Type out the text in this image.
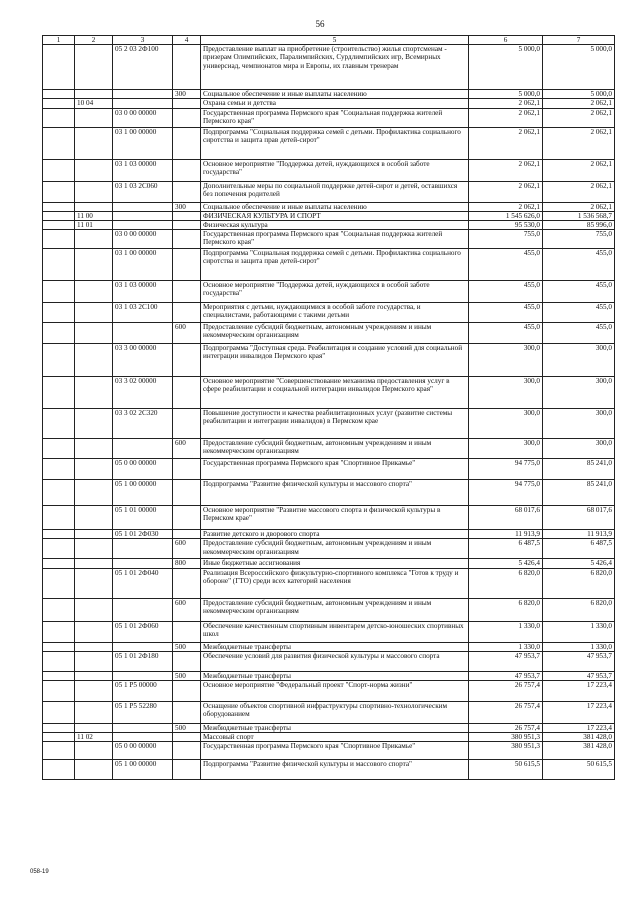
56
1	2	3	4	5	6	7
		05 2 03 2Ф100		Предоставление выплат на приобретение (строительство) жилья спортсменам - призерам Олимпийских, Паралимпийских, Сурдлимпийских игр, Всемирных универсиад, чемпионатов мира и Европы, их главным тренерам	5 000,0	5 000,0
			300	Социальное обеспечение и иные выплаты населению	5 000,0	5 000,0
	10 04			Охрана семьи и детства	2 062,1	2 062,1
		03 0 00 00000		Государственная программа Пермского края "Социальная поддержка жителей Пермского края"	2 062,1	2 062,1
		03 1 00 00000		Подпрограмма "Социальная поддержка семей с детьми. Профилактика социального сиротства и защита прав детей-сирот"	2 062,1	2 062,1
		03 1 03 00000		Основное мероприятие "Поддержка детей, нуждающихся в особой заботе государства"	2 062,1	2 062,1
		03 1 03 2С060		Дополнительные меры по социальной поддержке детей-сирот и детей, оставшихся без попечения родителей	2 062,1	2 062,1
			300	Социальное обеспечение и иные выплаты населению	2 062,1	2 062,1
	11 00			ФИЗИЧЕСКАЯ КУЛЬТУРА И СПОРТ	1 545 626,0	1 536 568,7
	11 01			Физическая культура	95 530,0	85 996,0
		03 0 00 00000		Государственная программа Пермского края "Социальная поддержка жителей Пермского края"	755,0	755,0
		03 1 00 00000		Подпрограмма "Социальная поддержка семей с детьми. Профилактика социального сиротства и защита прав детей-сирот"	455,0	455,0
		03 1 03 00000		Основное мероприятие "Поддержка детей, нуждающихся в особой заботе государства"	455,0	455,0
		03 1 03 2С100		Мероприятия с детьми, нуждающимися в особой заботе государства, и специалистами, работающими с такими детьми	455,0	455,0
			600	Предоставление субсидий бюджетным, автономным учреждениям и иным некоммерческим организациям	455,0	455,0
		03 3 00 00000		Подпрограмма "Доступная среда. Реабилитация и создание условий для социальной интеграции инвалидов Пермского края"	300,0	300,0
		03 3 02 00000		Основное мероприятие "Совершенствование механизма предоставления услуг в сфере реабилитации и социальной интеграции инвалидов Пермского края"	300,0	300,0
		03 3 02 2С320		Повышение доступности и качества реабилитационных услуг (развитие системы реабилитации и интеграции инвалидов) в Пермском крае	300,0	300,0
			600	Предоставление субсидий бюджетным, автономным учреждениям и иным некоммерческим организациям	300,0	300,0
		05 0 00 00000		Государственная программа Пермского края "Спортивное Прикамье"	94 775,0	85 241,0
		05 1 00 00000		Подпрограмма "Развитие физической культуры и массового спорта"	94 775,0	85 241,0
		05 1 01 00000		Основное мероприятие "Развитие массового спорта и физической культуры в Пермском крае"	68 017,6	68 017,6
		05 1 01 2Ф030		Развитие детского и дворового спорта	11 913,9	11 913,9
			600	Предоставление субсидий бюджетным, автономным учреждениям и иным некоммерческим организациям	6 487,5	6 487,5
			800	Иные бюджетные ассигнования	5 426,4	5 426,4
		05 1 01 2Ф040		Реализация Всероссийского физкультурно-спортивного комплекса "Готов к труду и обороне" (ГТО) среди всех категорий населения	6 820,0	6 820,0
			600	Предоставление субсидий бюджетным, автономным учреждениям и иным некоммерческим организациям	6 820,0	6 820,0
		05 1 01 2Ф060		Обеспечение качественным спортивным инвентарем детско-юношеских спортивных школ	1 330,0	1 330,0
			500	Межбюджетные трансферты	1 330,0	1 330,0
		05 1 01 2Ф180		Обеспечение условий для развития физической культуры и массового спорта	47 953,7	47 953,7
			500	Межбюджетные трансферты	47 953,7	47 953,7
		05 1 P5 00000		Основное мероприятие "Федеральный проект "Спорт-норма жизни"	26 757,4	17 223,4
		05 1 P5 52280		Оснащение объектов спортивной инфраструктуры спортивно-технологическим оборудованием	26 757,4	17 223,4
			500	Межбюджетные трансферты	26 757,4	17 223,4
	11 02			Массовый спорт	380 951,3	381 428,0
		05 0 00 00000		Государственная программа Пермского края "Спортивное Прикамье"	380 951,3	381 428,0
		05 1 00 00000		Подпрограмма "Развитие физической культуры и массового спорта"	50 615,5	50 615,5
058-19
